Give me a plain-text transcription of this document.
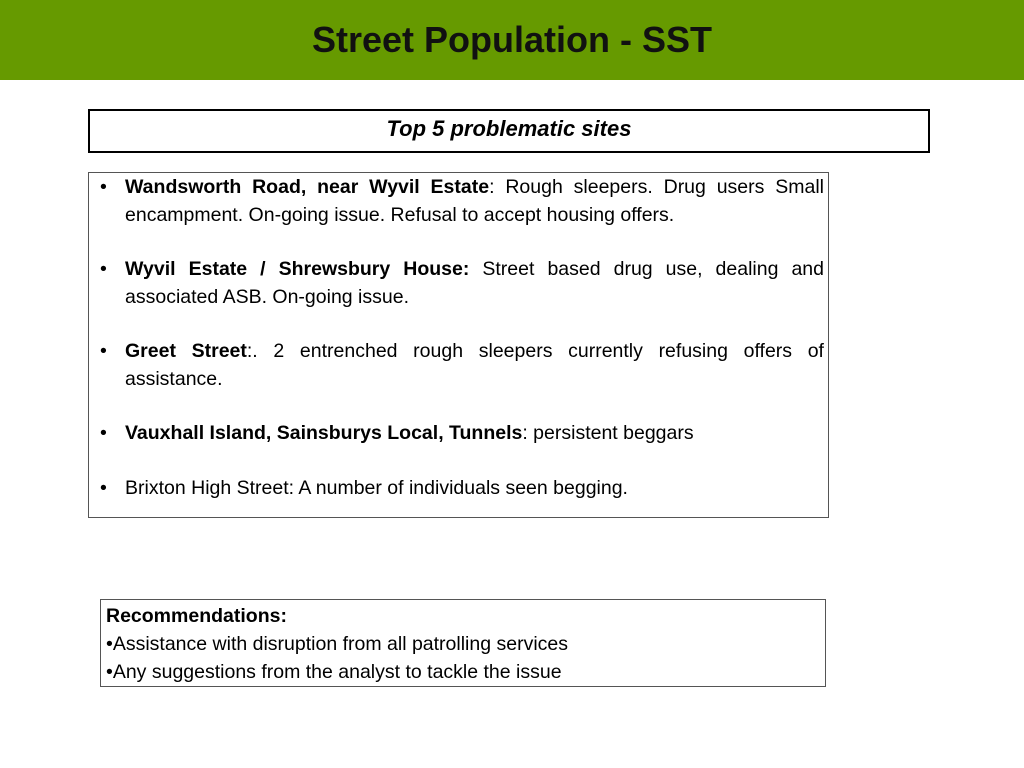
Street Population - SST
Top 5 problematic sites
• Wandsworth Road, near Wyvil Estate: Rough sleepers. Drug users Small encampment. On-going issue. Refusal to accept housing offers.
• Wyvil Estate / Shrewsbury House: Street based drug use, dealing and associated ASB. On-going issue.
• Greet Street:. 2 entrenched rough sleepers currently refusing offers of assistance.
• Vauxhall Island, Sainsburys Local, Tunnels: persistent beggars
• Brixton High Street: A number of individuals seen begging.
Recommendations:
•Assistance with disruption from all patrolling services
•Any suggestions from the analyst to tackle the issue
